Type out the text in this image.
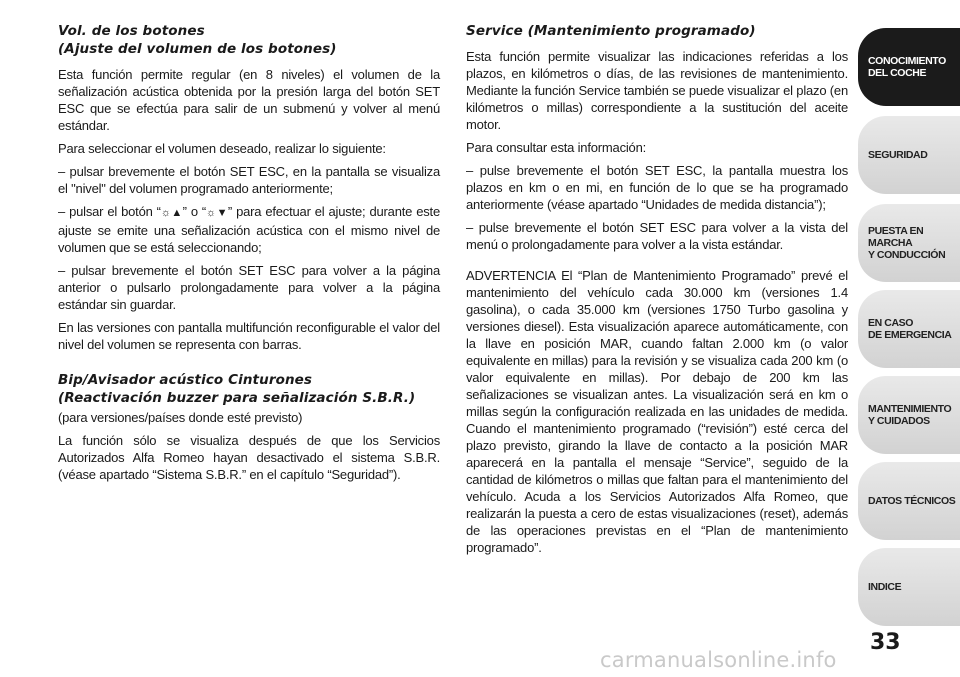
Vol. de los botones
(Ajuste del volumen de los botones)

Esta función permite regular (en 8 niveles) el volumen de la señalización acústica obtenida por la presión larga del botón SET ESC que se efectúa para salir de un submenú y volver al menú estándar.

Para seleccionar el volumen deseado, realizar lo siguiente:

– pulsar brevemente el botón SET ESC, en la pantalla se visualiza el "nivel" del volumen programado anteriormente;

– pulsar el botón “☼▲” o “☼▼” para efectuar el ajuste; durante este ajuste se emite una señalización acústica con el mismo nivel de volumen que se está seleccionando;

– pulsar brevemente el botón SET ESC para volver a la página anterior o pulsarlo prolongadamente para volver a la página estándar sin guardar.

En las versiones con pantalla multifunción reconfigurable el valor del nivel del volumen se representa con barras.

Bip/Avisador acústico Cinturones
(Reactivación buzzer para señalización S.B.R.)

(para versiones/países donde esté previsto)

La función sólo se visualiza después de que los Servicios Autorizados Alfa Romeo hayan desactivado el sistema S.B.R. (véase apartado “Sistema S.B.R.” en el capítulo “Seguridad”).

Service (Mantenimiento programado)

Esta función permite visualizar las indicaciones referidas a los plazos, en kilómetros o días, de las revisiones de mantenimiento. Mediante la función Service también se puede visualizar el plazo (en kilómetros o millas) correspondiente a la sustitución del aceite motor.

Para consultar esta información:

– pulse brevemente el botón SET ESC, la pantalla muestra los plazos en km o en mi, en función de lo que se ha programado anteriormente (véase apartado “Unidades de medida distancia”);

– pulse brevemente el botón SET ESC para volver a la vista del menú o prolongadamente para volver a la vista estándar.

ADVERTENCIA El “Plan de Mantenimiento Programado” prevé el mantenimiento del vehículo cada 30.000 km (versiones 1.4 gasolina), o cada 35.000 km (versiones 1750 Turbo gasolina y versiones diesel). Esta visualización aparece automáticamente, con la llave en posición MAR, cuando faltan 2.000 km (o valor equivalente en millas) para la revisión y se visualiza cada 200 km (o valor equivalente en millas). Por debajo de 200 km las señalizaciones se visualizan antes. La visualización será en km o millas según la configuración realizada en las unidades de medida. Cuando el mantenimiento programado (“revisión”) esté cerca del plazo previsto, girando la llave de contacto a la posición MAR aparecerá en la pantalla el mensaje “Service”, seguido de la cantidad de kilómetros o millas que faltan para el mantenimiento del vehículo. Acuda a los Servicios Autorizados Alfa Romeo, que realizarán la puesta a cero de estas visualizaciones (reset), además de las operaciones previstas en el “Plan de mantenimiento programado”.

CONOCIMIENTO
DEL COCHE
SEGURIDAD
PUESTA EN MARCHA
Y CONDUCCIÓN
EN CASO
DE EMERGENCIA
MANTENIMIENTO
Y CUIDADOS
DATOS TÉCNICOS
INDICE
33
carmanualsonline.info
